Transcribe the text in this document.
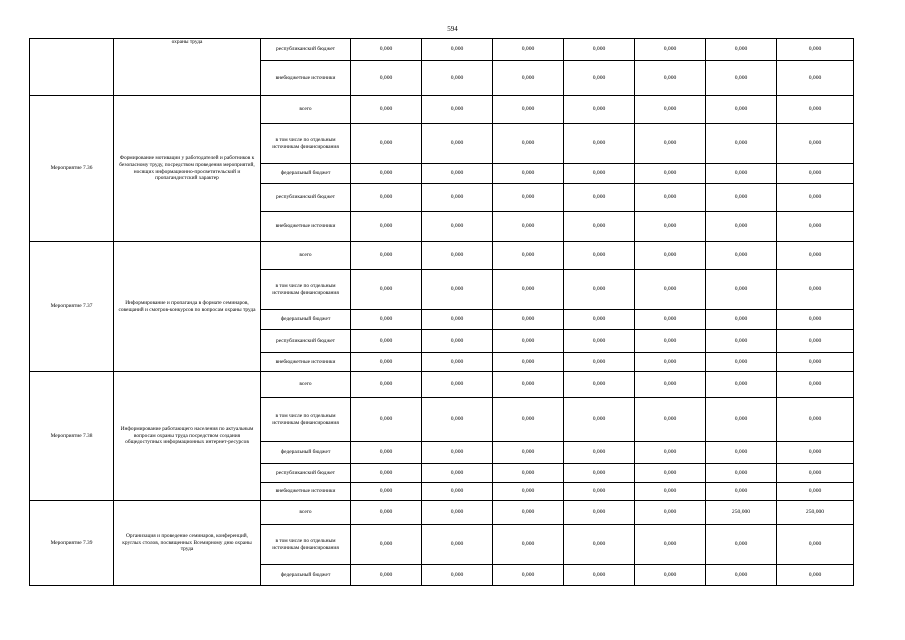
594
	охраны труда	республиканский бюджет	0,000	0,000	0,000	0,000	0,000	0,000	0,000
		внебюджетные источники	0,000	0,000	0,000	0,000	0,000	0,000	0,000
Мероприятие 7.36	Формирование мотивации у работодателей и работников к безопасному труду, посредством проведения мероприятий, носящих информационно-просветительский и пропагандистский характер	всего	0,000	0,000	0,000	0,000	0,000	0,000	0,000
		в том числе по отдельным источникам финансирования	0,000	0,000	0,000	0,000	0,000	0,000	0,000
		федеральный бюджет	0,000	0,000	0,000	0,000	0,000	0,000	0,000
		республиканский бюджет	0,000	0,000	0,000	0,000	0,000	0,000	0,000
		внебюджетные источники	0,000	0,000	0,000	0,000	0,000	0,000	0,000
Мероприятие 7.37	Информирование и пропаганда в формате семинаров, совещаний и смотров-конкурсов по вопросам охраны труда	всего	0,000	0,000	0,000	0,000	0,000	0,000	0,000
		в том числе по отдельным источникам финансирования	0,000	0,000	0,000	0,000	0,000	0,000	0,000
		федеральный бюджет	0,000	0,000	0,000	0,000	0,000	0,000	0,000
		республиканский бюджет	0,000	0,000	0,000	0,000	0,000	0,000	0,000
		внебюджетные источники	0,000	0,000	0,000	0,000	0,000	0,000	0,000
Мероприятие 7.38	Информирование работающего населения по актуальным вопросам охраны труда посредством создания общедоступных информационных интернет-ресурсов	всего	0,000	0,000	0,000	0,000	0,000	0,000	0,000
		в том числе по отдельным источникам финансирования	0,000	0,000	0,000	0,000	0,000	0,000	0,000
		федеральный бюджет	0,000	0,000	0,000	0,000	0,000	0,000	0,000
		республиканский бюджет	0,000	0,000	0,000	0,000	0,000	0,000	0,000
		внебюджетные источники	0,000	0,000	0,000	0,000	0,000	0,000	0,000
Мероприятие 7.39	Организация и проведение семинаров, конференций, круглых столов, посвященных Всемирному дню охраны труда	всего	0,000	0,000	0,000	0,000	0,000	250,000	250,000
		в том числе по отдельным источникам финансирования	0,000	0,000	0,000	0,000	0,000	0,000	0,000
		федеральный бюджет	0,000	0,000	0,000	0,000	0,000	0,000	0,000
